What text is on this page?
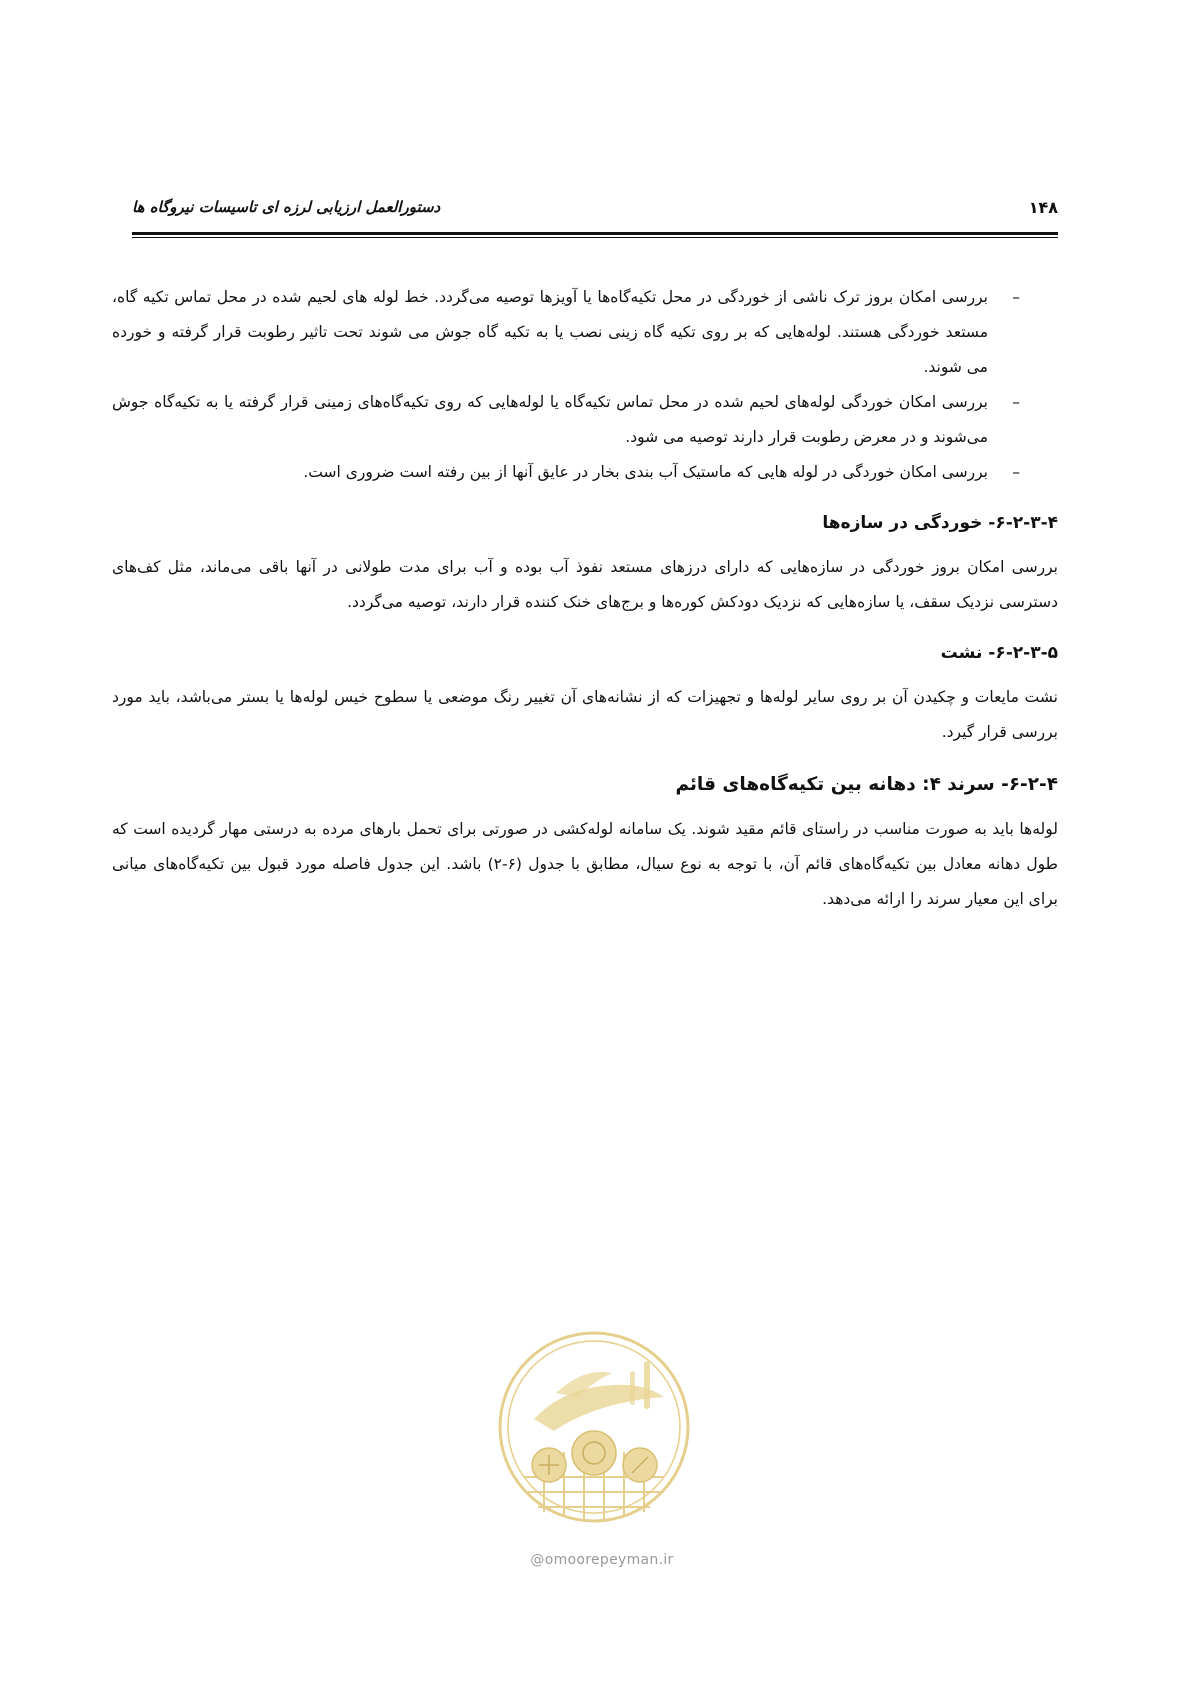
۱۴۸
دستورالعمل ارزیابی لرزه ای تاسیسات نیروگاه ها
–
بررسی امکان بروز ترک ناشی از خوردگی در محل تکیه‌گاه‌ها یا آویزها توصیه می‌گردد. خط لوله های لحیم شده در محل تماس تکیه گاه، مستعد خوردگی هستند. لوله‌هایی که بر روی تکیه گاه زینی نصب یا به تکیه گاه جوش می شوند تحت تاثیر رطوبت قرار گرفته و خورده می شوند.
–
بررسی امکان خوردگی لوله‌های لحیم شده در محل تماس تکیه‌گاه یا لوله‌هایی که روی تکیه‌گاه‌های زمینی قرار گرفته یا به تکیه‌گاه جوش می‌شوند و در معرض رطوبت قرار دارند توصیه می شود.
–
بررسی امکان خوردگی در لوله هایی که ماستیک آب بندی بخار در عایق آنها از بین رفته است ضروری است.
۶-۲-۳-۴- خوردگی در سازه‌ها

بررسی امکان بروز خوردگی در سازه‌هایی که دارای درزهای مستعد نفوذ آب بوده و آب برای مدت طولانی در آنها باقی می‌ماند، مثل کف‌های دسترسی نزدیک سقف، یا سازه‌هایی که نزدیک دودکش کوره‌ها و برج‌های خنک کننده قرار دارند، توصیه می‌گردد.

۶-۲-۳-۵- نشت

نشت مایعات و چکیدن آن بر روی سایر لوله‌ها و تجهیزات که از نشانه‌های آن تغییر رنگ موضعی یا سطوح خیس لوله‌ها یا بستر می‌باشد، باید مورد بررسی قرار گیرد.

۶-۲-۴- سرند ۴: دهانه بین تکیه‌گاه‌های قائم

لوله‌ها باید به صورت مناسب در راستای قائم مقید شوند. یک سامانه لوله‌کشی در صورتی برای تحمل بارهای مرده به درستی مهار گردیده است که طول دهانه معادل بین تکیه‌گاه‌های قائم آن، با توجه به نوع سیال، مطابق با جدول (۶-۲) باشد. این جدول فاصله مورد قبول بین تکیه‌گاه‌های میانی برای این معیار سرند را ارائه می‌دهد.

@omoorepeyman.ir
